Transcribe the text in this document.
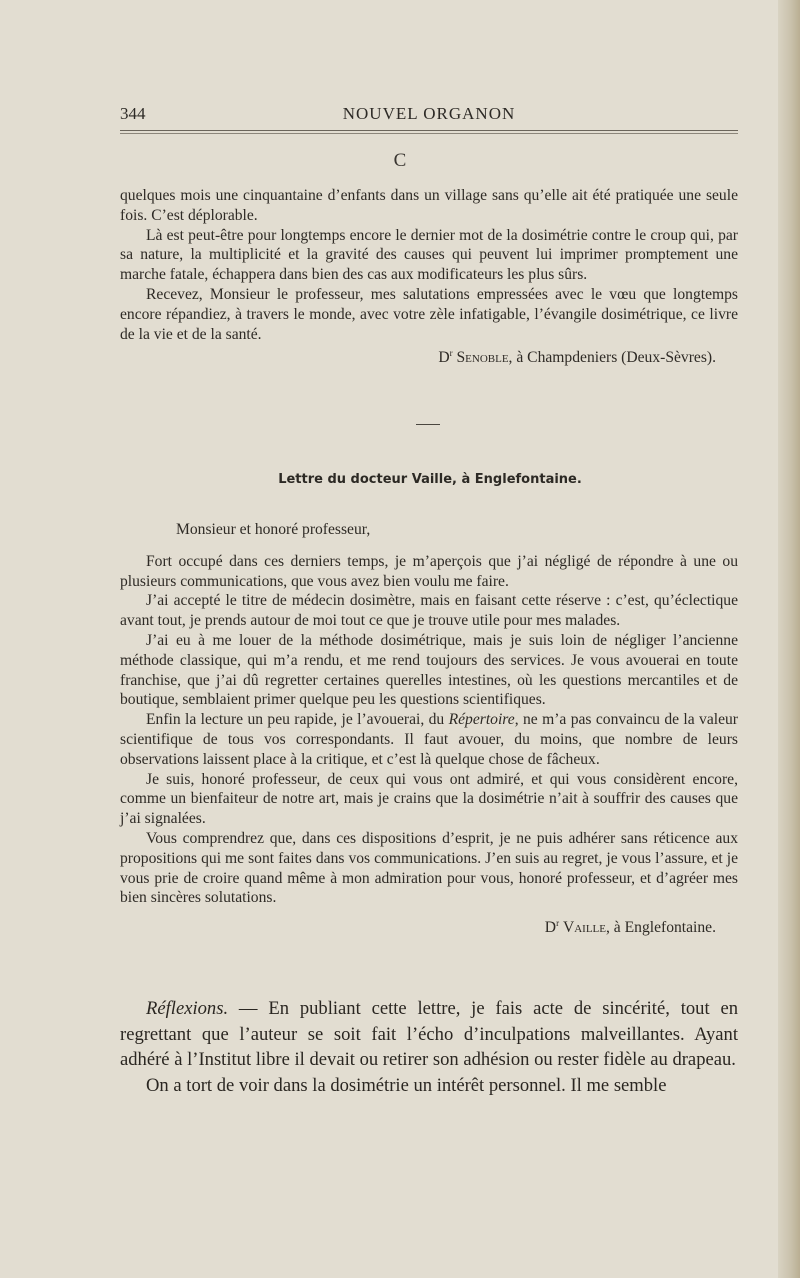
344	NOUVEL ORGANON
C

quelques mois une cinquantaine d’enfants dans un village sans qu’elle ait été pratiquée une seule fois. C’est déplorable.

Là est peut-être pour longtemps encore le dernier mot de la dosimétrie contre le croup qui, par sa nature, la multiplicité et la gravité des causes qui peuvent lui imprimer promptement une marche fatale, échappera dans bien des cas aux modificateurs les plus sûrs.

Recevez, Monsieur le professeur, mes salutations empressées avec le vœu que longtemps encore répandiez, à travers le monde, avec votre zèle infatigable, l’évangile dosimétrique, ce livre de la vie et de la santé.

$D^r$ Senoble, à Champdeniers (Deux-Sèvres).

Lettre du docteur Vaille, à Englefontaine.

Monsieur et honoré professeur,

Fort occupé dans ces derniers temps, je m’aperçois que j’ai négligé de répondre à une ou plusieurs communications, que vous avez bien voulu me faire.

J’ai accepté le titre de médecin dosimètre, mais en faisant cette réserve : c’est, qu’éclectique avant tout, je prends autour de moi tout ce que je trouve utile pour mes malades.

J’ai eu à me louer de la méthode dosimétrique, mais je suis loin de négliger l’ancienne méthode classique, qui m’a rendu, et me rend toujours des services. Je vous avouerai en toute franchise, que j’ai dû regretter certaines querelles intestines, où les questions mercantiles et de boutique, semblaient primer quelque peu les questions scientifiques.

Enfin la lecture un peu rapide, je l’avouerai, du Répertoire, ne m’a pas convaincu de la valeur scientifique de tous vos correspondants. Il faut avouer, du moins, que nombre de leurs observations laissent place à la critique, et c’est là quelque chose de fâcheux.

Je suis, honoré professeur, de ceux qui vous ont admiré, et qui vous considèrent encore, comme un bienfaiteur de notre art, mais je crains que la dosimétrie n’ait à souffrir des causes que j’ai signalées.

Vous comprendrez que, dans ces dispositions d’esprit, je ne puis adhérer sans réticence aux propositions qui me sont faites dans vos communications. J’en suis au regret, je vous l’assure, et je vous prie de croire quand même à mon admiration pour vous, honoré professeur, et d’agréer mes bien sincères solutations.

$D^r$ Vaille, à Englefontaine.

Réflexions. — En publiant cette lettre, je fais acte de sincérité, tout en regrettant que l’auteur se soit fait l’écho d’inculpations malveillantes. Ayant adhéré à l’Institut libre il devait ou retirer son adhésion ou rester fidèle au drapeau.

On a tort de voir dans la dosimétrie un intérêt personnel. Il me semble
